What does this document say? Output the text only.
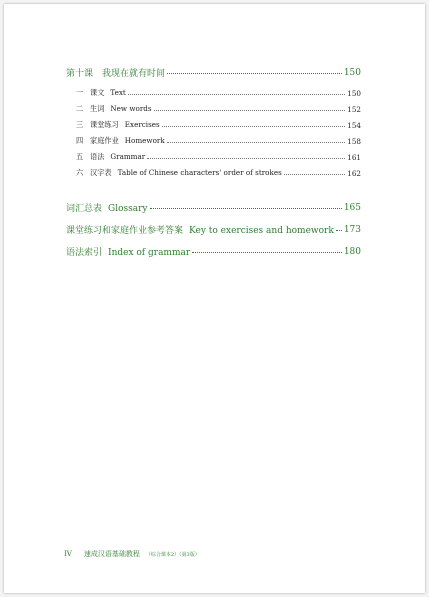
第十课　我现在就有时间	150
一 课文 Text	150
二 生词 New words	152
三 课堂练习 Exercises	154
四 家庭作业 Homework	158
五 语法 Grammar	161
六 汉字表 Table of Chinese characters' order of strokes	162
词汇总表 Glossary	165
课堂练习和家庭作业参考答案 Key to exercises and homework 173
语法索引 Index of grammar	180
IV 速成汉语基础教程 （综合课本2）（第3版）
